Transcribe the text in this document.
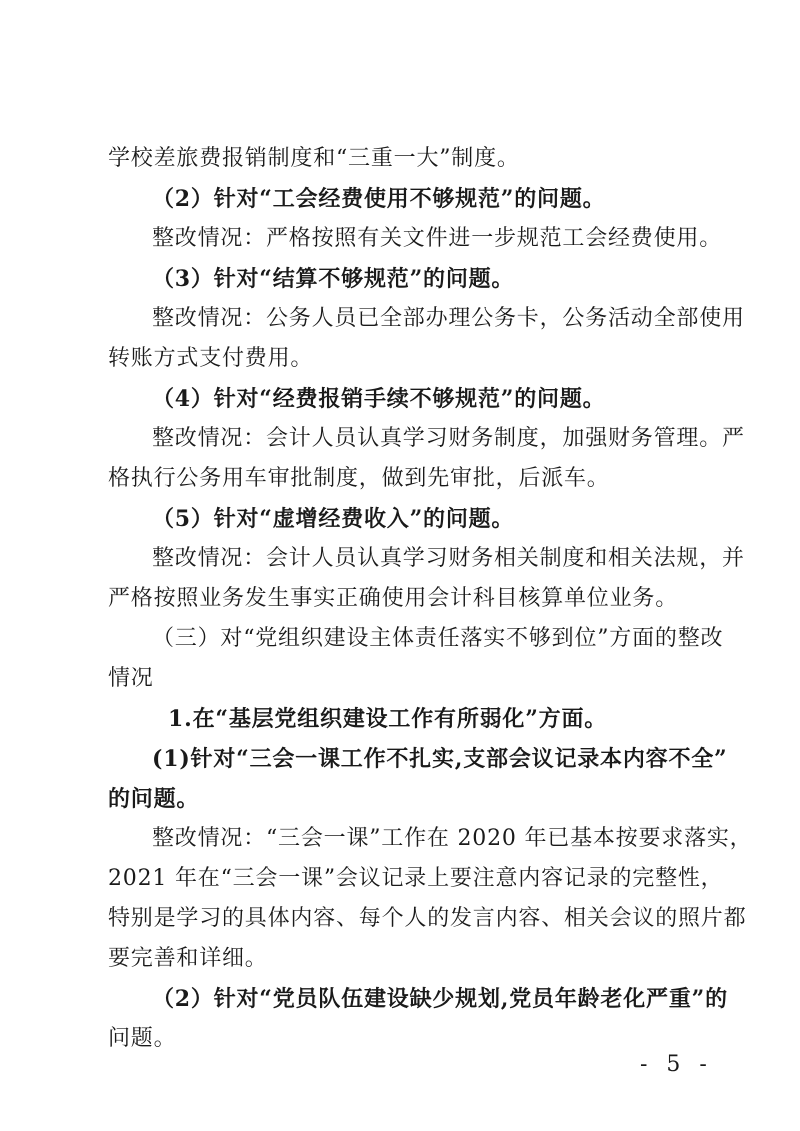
学校差旅费报销制度和“三重一大”制度。
（2）针对“工会经费使用不够规范”的问题。
整改情况：严格按照有关文件进一步规范工会经费使用。
（3）针对“结算不够规范”的问题。
整改情况：公务人员已全部办理公务卡，公务活动全部使用
转账方式支付费用。
（4）针对“经费报销手续不够规范”的问题。
整改情况：会计人员认真学习财务制度，加强财务管理。严
格执行公务用车审批制度，做到先审批，后派车。
（5）针对“虚增经费收入”的问题。
整改情况：会计人员认真学习财务相关制度和相关法规，并
严格按照业务发生事实正确使用会计科目核算单位业务。
（三）对“党组织建设主体责任落实不够到位”方面的整改
情况
1.在“基层党组织建设工作有所弱化”方面。
(1)针对“三会一课工作不扎实,支部会议记录本内容不全”
的问题。
整改情况：“三会一课”工作在 2020 年已基本按要求落实，
2021 年在“三会一课”会议记录上要注意内容记录的完整性，
特别是学习的具体内容、每个人的发言内容、相关会议的照片都
要完善和详细。
（2）针对“党员队伍建设缺少规划,党员年龄老化严重”的
问题。
- 5 -
